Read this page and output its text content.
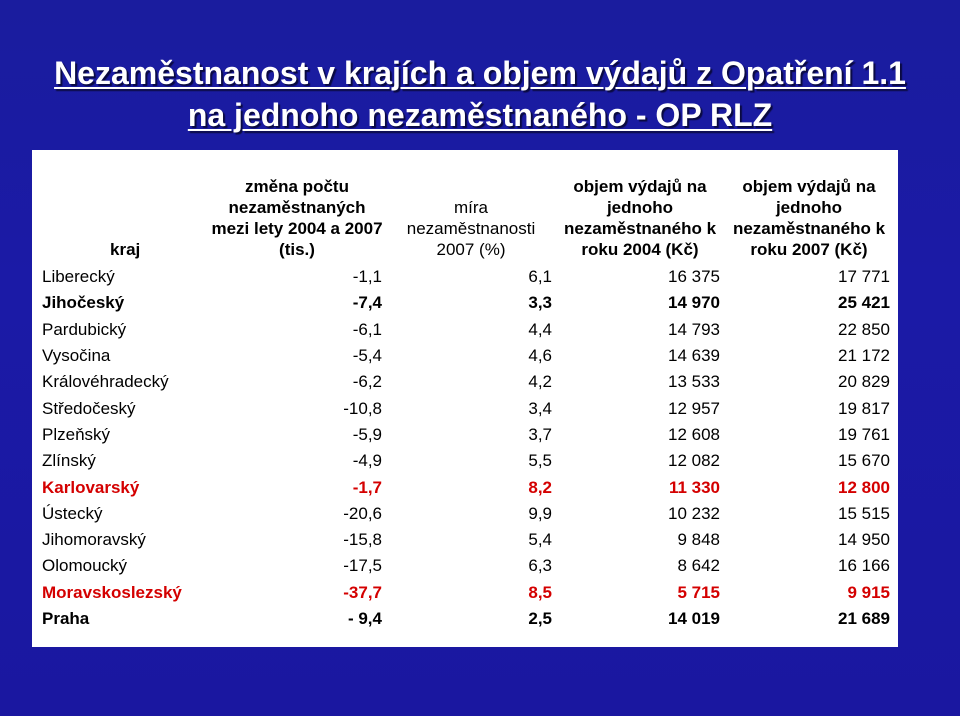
Nezaměstnanost v krajích a objem výdajů z Opatření 1.1
na jednoho nezaměstnaného - OP RLZ
kraj	změna počtu nezaměstnaných mezi lety 2004 a 2007 (tis.)	míra nezaměstnanosti 2007 (%)	objem výdajů na jednoho nezaměstnaného k roku 2004 (Kč)	objem výdajů na jednoho nezaměstnaného k roku 2007 (Kč)
Liberecký	-1,1	6,1	16 375	17 771
Jihočeský	-7,4	3,3	14 970	25 421
Pardubický	-6,1	4,4	14 793	22 850
Vysočina	-5,4	4,6	14 639	21 172
Královéhradecký	-6,2	4,2	13 533	20 829
Středočeský	-10,8	3,4	12 957	19 817
Plzeňský	-5,9	3,7	12 608	19 761
Zlínský	-4,9	5,5	12 082	15 670
Karlovarský	-1,7	8,2	11 330	12 800
Ústecký	-20,6	9,9	10 232	15 515
Jihomoravský	-15,8	5,4	9 848	14 950
Olomoucký	-17,5	6,3	8 642	16 166
Moravskoslezský	-37,7	8,5	5 715	9 915
Praha	- 9,4	2,5	14 019	21 689
